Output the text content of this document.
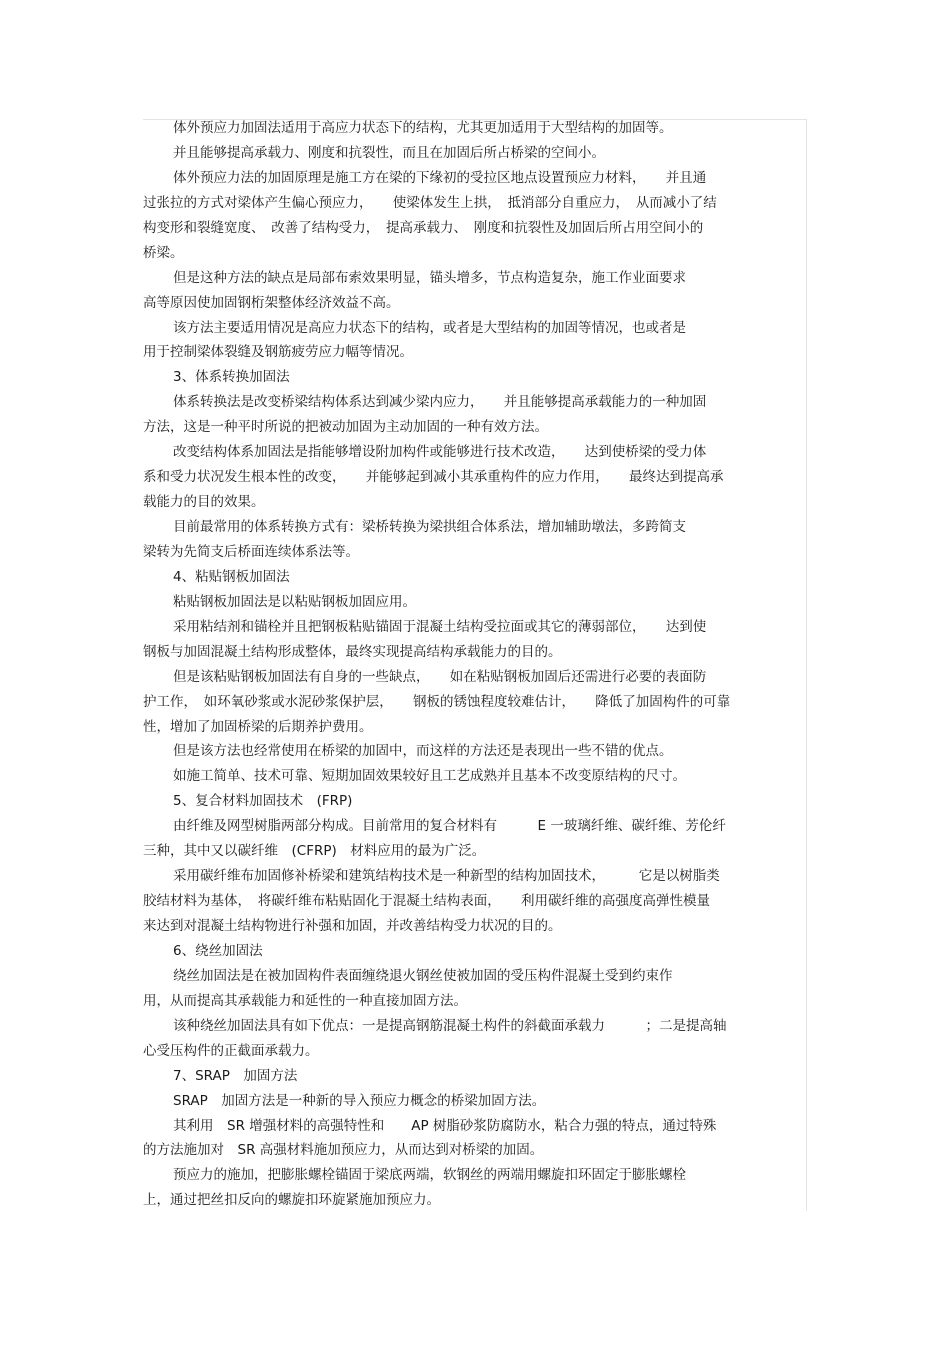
体外预应力加固法适用于高应力状态下的结构，尤其更加适用于大型结构的加固等。
并且能够提高承载力、刚度和抗裂性，而且在加固后所占桥梁的空间小。
体外预应力法的加固原理是施工方在梁的下缘初的受拉区地点设置预应力材料，　　并且通
过张拉的方式对梁体产生偏心预应力，　　使梁体发生上拱，　抵消部分自重应力，　从而减小了结
构变形和裂缝宽度、　改善了结构受力，　提高承载力、　刚度和抗裂性及加固后所占用空间小的
桥梁。
但是这种方法的缺点是局部布索效果明显，锚头增多，节点构造复杂，施工作业面要求
高等原因使加固钢桁架整体经济效益不高。
该方法主要适用情况是高应力状态下的结构，或者是大型结构的加固等情况，也或者是
用于控制梁体裂缝及钢筋疲劳应力幅等情况。
3、体系转换加固法
体系转换法是改变桥梁结构体系达到减少梁内应力，　　并且能够提高承载能力的一种加固
方法，这是一种平时所说的把被动加固为主动加固的一种有效方法。
改变结构体系加固法是指能够增设附加构件或能够进行技术改造，　　达到使桥梁的受力体
系和受力状况发生根本性的改变，　　并能够起到减小其承重构件的应力作用，　　最终达到提高承
载能力的目的效果。
目前最常用的体系转换方式有：梁桥转换为梁拱组合体系法，增加辅助墩法，多跨简支
梁转为先简支后桥面连续体系法等。
4、粘贴钢板加固法
粘贴钢板加固法是以粘贴钢板加固应用。
采用粘结剂和锚栓并且把钢板粘贴锚固于混凝土结构受拉面或其它的薄弱部位，　　达到使
钢板与加固混凝土结构形成整体，最终实现提高结构承载能力的目的。
但是该粘贴钢板加固法有自身的一些缺点，　　如在粘贴钢板加固后还需进行必要的表面防
护工作，　如环氧砂浆或水泥砂浆保护层，　　钢板的锈蚀程度较难估计，　　降低了加固构件的可靠
性，增加了加固桥梁的后期养护费用。
但是该方法也经常使用在桥梁的加固中，而这样的方法还是表现出一些不错的优点。
如施工简单、技术可靠、短期加固效果较好且工艺成熟并且基本不改变原结构的尺寸。
5、复合材料加固技术　(FRP)
由纤维及网型树脂两部分构成。目前常用的复合材料有　　　E 一玻璃纤维、碳纤维、芳伦纤
三种，其中又以碳纤维　(CFRP)　材料应用的最为广泛。
采用碳纤维布加固修补桥梁和建筑结构技术是一种新型的结构加固技术，　　　它是以树脂类
胶结材料为基体，　将碳纤维布粘贴固化于混凝土结构表面，　　利用碳纤维的高强度高弹性模量
来达到对混凝土结构物进行补强和加固，并改善结构受力状况的目的。
6、绕丝加固法
绕丝加固法是在被加固构件表面缠绕退火钢丝使被加固的受压构件混凝土受到约束作
用，从而提高其承载能力和延性的一种直接加固方法。
该种绕丝加固法具有如下优点：一是提高钢筋混凝土构件的斜截面承载力　　　；二是提高轴
心受压构件的正截面承载力。
7、SRAP　加固方法
SRAP　加固方法是一种新的导入预应力概念的桥梁加固方法。
其利用　SR 增强材料的高强特性和　　AP 树脂砂浆防腐防水，粘合力强的特点，通过特殊
的方法施加对　SR 高强材料施加预应力，从而达到对桥梁的加固。
预应力的施加，把膨胀螺栓锚固于梁底两端，软钢丝的两端用螺旋扣环固定于膨胀螺栓
上，通过把丝扣反向的螺旋扣环旋紧施加预应力。
